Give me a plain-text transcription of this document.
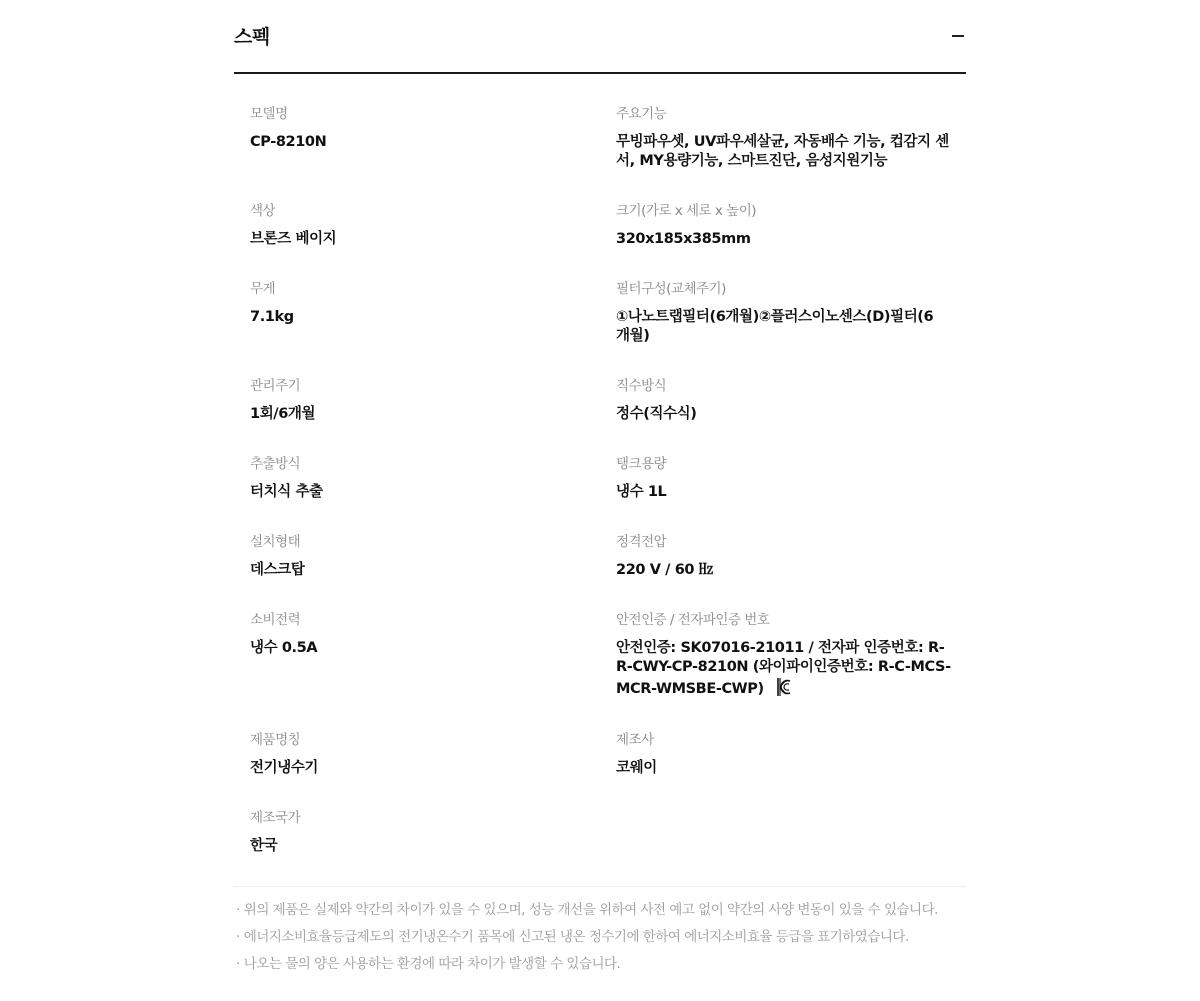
스펙
모델명
CP-8210N
주요기능
무빙파우셋, UV파우세살균, 자동배수 기능, 컵감지 센서, MY용량기능, 스마트진단, 음성지원기능
색상
브론즈 베이지
크기(가로 x 세로 x 높이)
320x185x385mm
무게
7.1kg
필터구성(교체주기)
①나노트랩필터(6개월)②플러스이노센스(D)필터(6개월)
관리주기
1회/6개월
직수방식
정수(직수식)
추출방식
터치식 추출
탱크용량
냉수 1L
설치형태
데스크탑
정격전압
220 V / 60 ㎐
소비전력
냉수 0.5A
안전인증 / 전자파인증 번호
안전인증: SK07016-21011 / 전자파 인증번호: R-R-CWY-CP-8210N (와이파이인증번호: R-C-MCS-MCR-WMSBE-CWP)
제품명칭
전기냉수기
제조사
코웨이
제조국가
한국
· 위의 제품은 실제와 약간의 차이가 있을 수 있으며, 성능 개선을 위하여 사전 예고 없이 약간의 사양 변동이 있을 수 있습니다.
· 에너지소비효율등급제도의 전기냉온수기 품목에 신고된 냉온 정수기에 한하여 에너지소비효율 등급을 표기하였습니다.
· 나오는 물의 양은 사용하는 환경에 따라 차이가 발생할 수 있습니다.
